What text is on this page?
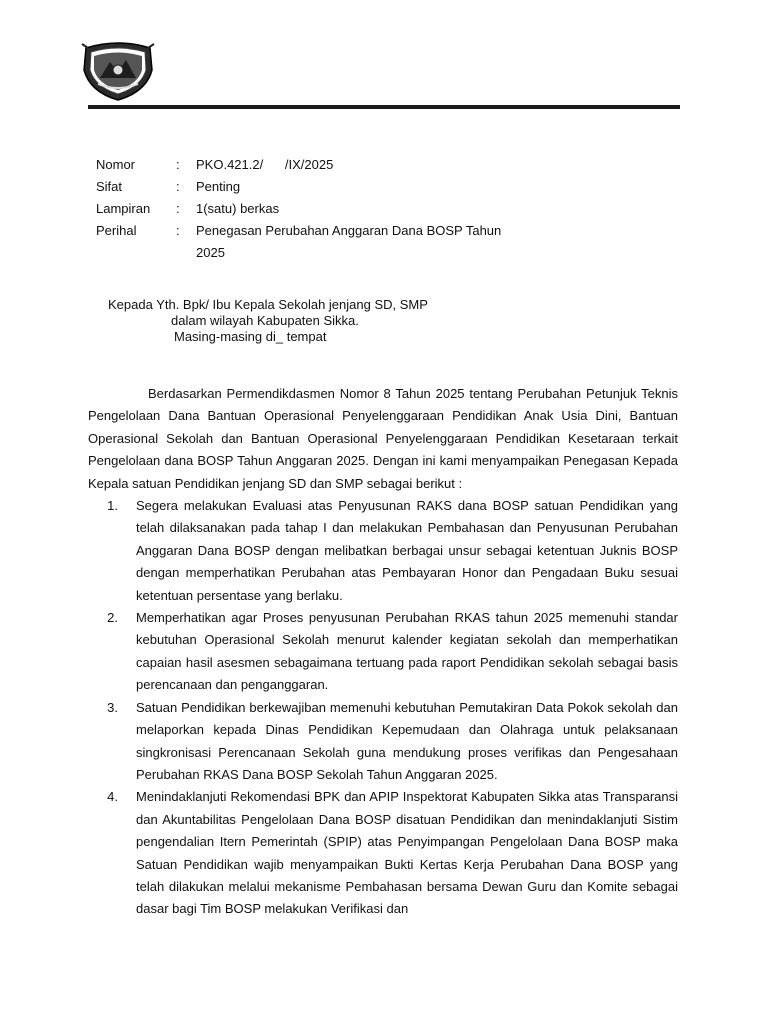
Nomor	:	PKO.421.2/      /IX/2025
Sifat	:	Penting
Lampiran	:	1(satu) berkas
Perihal	:	Penegasan Perubahan Anggaran Dana BOSP Tahun 2025
Kepada Yth. Bpk/ Ibu Kepala Sekolah jenjang SD, SMP
dalam wilayah Kabupaten Sikka.
Masing-masing di_ tempat

Berdasarkan Permendikdasmen Nomor 8 Tahun 2025 tentang Perubahan Petunjuk Teknis Pengelolaan Dana Bantuan Operasional Penyelenggaraan Pendidikan Anak Usia Dini, Bantuan Operasional Sekolah dan Bantuan Operasional Penyelenggaraan Pendidikan Kesetaraan terkait Pengelolaan dana BOSP Tahun Anggaran 2025. Dengan ini kami menyampaikan Penegasan Kepada Kepala satuan Pendidikan jenjang SD dan SMP sebagai berikut :

1.	Segera melakukan Evaluasi atas Penyusunan RAKS dana BOSP satuan Pendidikan yang telah dilaksanakan pada tahap I dan melakukan Pembahasan dan Penyusunan Perubahan Anggaran Dana BOSP dengan melibatkan berbagai unsur sebagai ketentuan Juknis BOSP dengan memperhatikan Perubahan atas Pembayaran Honor dan Pengadaan Buku sesuai ketentuan persentase yang berlaku.
2.	Memperhatikan agar Proses penyusunan Perubahan RKAS tahun 2025 memenuhi standar kebutuhan Operasional Sekolah menurut kalender kegiatan sekolah dan memperhatikan capaian hasil asesmen sebagaimana tertuang pada raport Pendidikan sekolah sebagai basis perencanaan dan penganggaran.
3.	Satuan Pendidikan berkewajiban memenuhi kebutuhan Pemutakiran Data Pokok sekolah dan melaporkan kepada Dinas Pendidikan Kepemudaan dan Olahraga untuk pelaksanaan singkronisasi Perencanaan Sekolah guna mendukung proses verifikas dan Pengesahaan Perubahan RKAS Dana BOSP Sekolah Tahun Anggaran 2025.
4.	Menindaklanjuti Rekomendasi BPK dan APIP Inspektorat Kabupaten Sikka atas Transparansi dan Akuntabilitas Pengelolaan Dana BOSP disatuan Pendidikan dan menindaklanjuti Sistim pengendalian Itern Pemerintah (SPIP) atas Penyimpangan Pengelolaan Dana BOSP maka Satuan Pendidikan wajib menyampaikan Bukti Kertas Kerja Perubahan Dana BOSP yang telah dilakukan melalui mekanisme Pembahasan bersama Dewan Guru dan Komite sebagai dasar bagi Tim BOSP melakukan Verifikasi dan
